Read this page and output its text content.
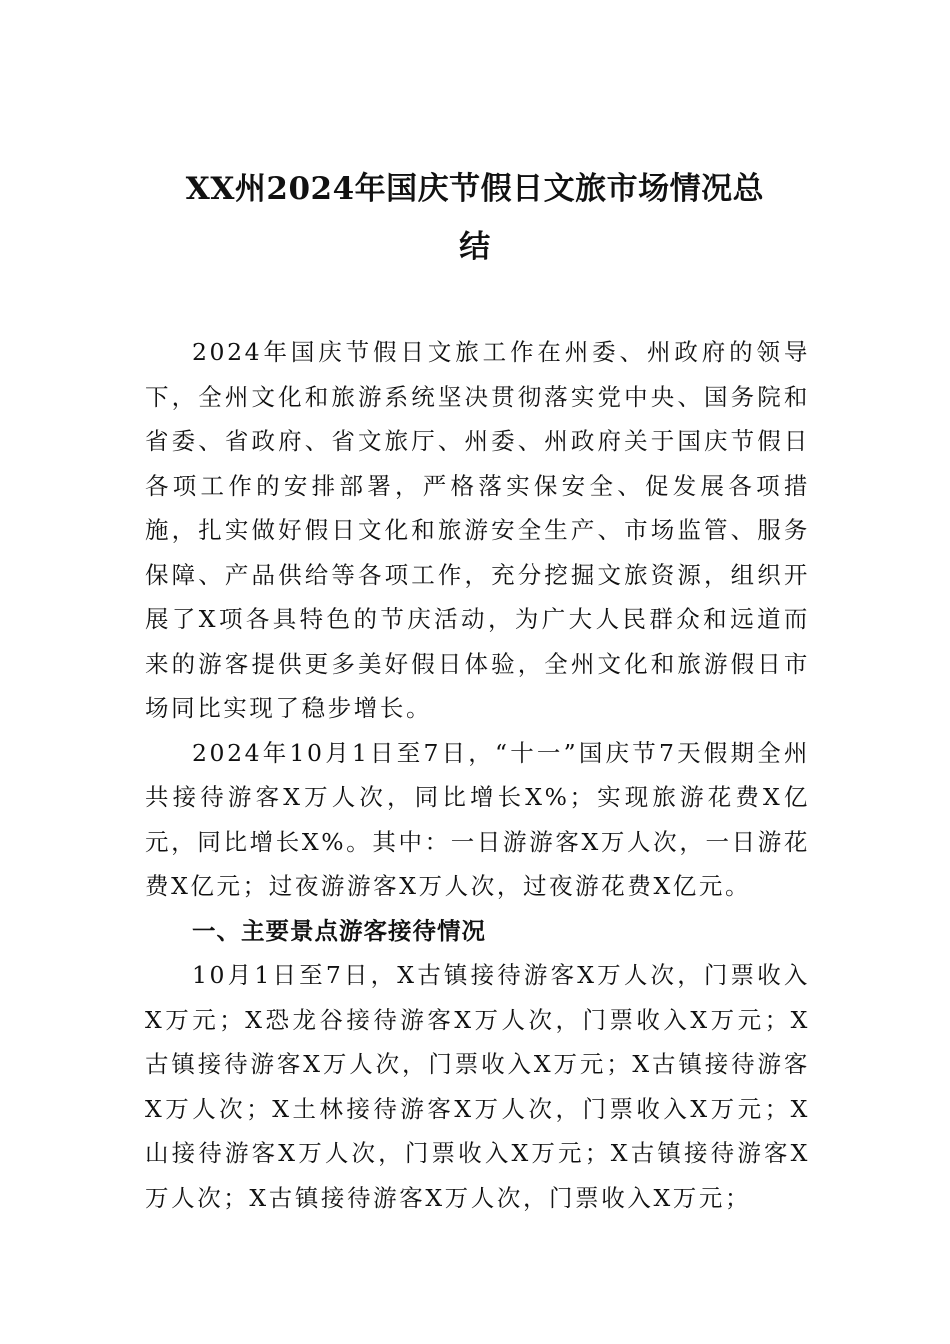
XX州2024年国庆节假日文旅市场情况总
结

2024年国庆节假日文旅工作在州委、州政府的领导下，全州文化和旅游系统坚决贯彻落实党中央、国务院和省委、省政府、省文旅厅、州委、州政府关于国庆节假日各项工作的安排部署，严格落实保安全、促发展各项措施，扎实做好假日文化和旅游安全生产、市场监管、服务保障、产品供给等各项工作，充分挖掘文旅资源，组织开展了X项各具特色的节庆活动，为广大人民群众和远道而来的游客提供更多美好假日体验，全州文化和旅游假日市场同比实现了稳步增长。

2024年10月1日至7日，“十一”国庆节7天假期全州共接待游客X万人次，同比增长X%；实现旅游花费X亿元，同比增长X%。其中：一日游游客X万人次，一日游花费X亿元；过夜游游客X万人次，过夜游花费X亿元。

一、主要景点游客接待情况

10月1日至7日，X古镇接待游客X万人次，门票收入X万元；X恐龙谷接待游客X万人次，门票收入X万元；X古镇接待游客X万人次，门票收入X万元；X古镇接待游客X万人次；X土林接待游客X万人次，门票收入X万元；X山接待游客X万人次，门票收入X万元；X古镇接待游客X万人次；X古镇接待游客X万人次，门票收入X万元；
